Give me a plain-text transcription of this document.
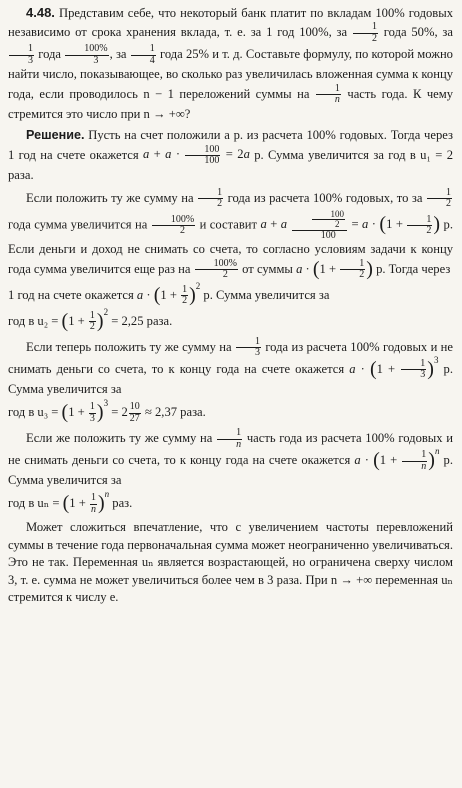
4.48. Представим себе, что некоторый банк платит по вкладам 100% годовых независимо от срока хранения вклада, т. е. за 1 год 100%, за $\frac{1}{2}$ года 50%, за
$\frac{1}{3}$ года $\frac{100\%}{3}$ , за $\frac{1}{4}$ года 25% и т. д. Составьте формулу, по которой можно найти число, показывающее, во сколько раз увеличилась вложенная сумма к концу года, если проводилось n − 1 переложений суммы на $\frac{1}{n}$ часть года. К чему стремится это число при n → +∞?

Решение. Пусть на счет положили a р. из расчета 100% годовых. Тогда через 1 год на счете окажется $a + a \cdot \frac{100}{100} = 2a$ р. Сумма увеличится за год в u₁ = 2 раза.

Если положить ту же сумму на $\frac{1}{2}$ года из расчета 100% годовых, то за $\frac{1}{2}$
года сумма увеличится на $\frac{100\%}{2}$ и составит a + a $\frac{\frac{100}{2}}{100} = a \cdot (1 + \frac{1}{2}$ ) р. Если деньги и доход не снимать со счета, то согласно условиям задачи к концу года сумма увеличится еще раз на $\frac{100\%}{2}$ от суммы $a \cdot (1 + \frac{1}{2}$ ) р. Тогда через

1 год на счете окажется $a \cdot (1 + \frac{1}{2} )^2$ р. Сумма увеличится за

год в $u_2 = (1 + \frac{1}{2} )^2 = 2,25$ раза.

Если теперь положить ту же сумму на $\frac{1}{3}$ года из расчета 100% годовых и не снимать деньги со счета, то к концу года на счете окажется $a \cdot (1 + \frac{1}{3} )^3$ р. Сумма увеличится за

год в $u_3 = (1 + \frac{1}{3} )^3 = 2 \frac{10}{27} \approx 2,37$ раза.

Если же положить ту же сумму на $\frac{1}{n}$ часть года из расчета 100% годовых и не снимать деньги со счета, то к концу года на счете окажется $a \cdot (1 + \frac{1}{n} )^n$ р. Сумма увеличится за

год в $u_n = (1 + \frac{1}{n} )^n$ раз.

Может сложиться впечатление, что с увеличением частоты перевложений суммы в течение года первоначальная сумма может неограниченно увеличиваться. Это не так. Переменная uₙ является возрастающей, но ограничена сверху числом 3, т. е. сумма не может увеличиться более чем в 3 раза. При n → +∞ переменная uₙ стремится к числу e.
